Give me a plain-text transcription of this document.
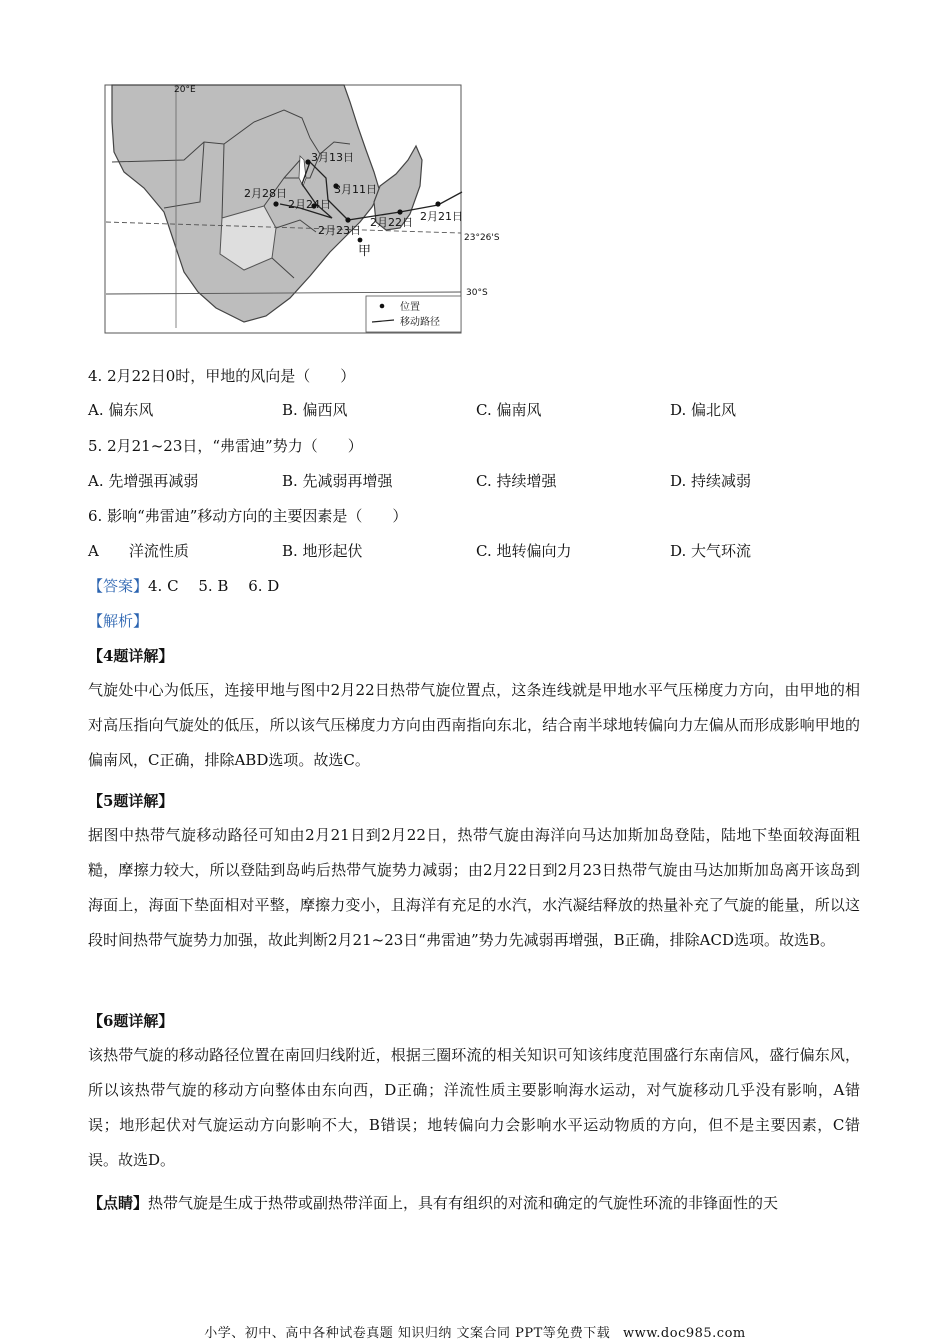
20°E
3月13日
3月11日
2月28日
2月24日
2月23日
2月22日 2月21日
甲
23°26'S
30°S
位置
移动路径
4. 2月22日0时，甲地的风向是（　　）
A. 偏东风	B. 偏西风	C. 偏南风	D. 偏北风
5. 2月21~23日，“弗雷迪”势力（　　）
A. 先增强再减弱	B. 先减弱再增强	C. 持续增强	D. 持续减弱
6. 影响“弗雷迪”移动方向的主要因素是（　　）
A　　洋流性质	B. 地形起伏	C. 地转偏向力	D. 大气环流
【答案】4. C　 5. B　 6. D
【解析】
【4题详解】
气旋处中心为低压，连接甲地与图中2月22日热带气旋位置点，这条连线就是甲地水平气压梯度力方向，由甲地的相对高压指向气旋处的低压，所以该气压梯度力方向由西南指向东北，结合南半球地转偏向力左偏从而形成影响甲地的偏南风，C正确，排除ABD选项。故选C。
【5题详解】
据图中热带气旋移动路径可知由2月21日到2月22日，热带气旋由海洋向马达加斯加岛登陆，陆地下垫面较海面粗糙，摩擦力较大，所以登陆到岛屿后热带气旋势力减弱；由2月22日到2月23日热带气旋由马达加斯加岛离开该岛到海面上，海面下垫面相对平整，摩擦力变小，且海洋有充足的水汽，水汽凝结释放的热量补充了气旋的能量，所以这段时间热带气旋势力加强，故此判断2月21~23日“弗雷迪”势力先减弱再增强，B正确，排除ACD选项。故选B。
【6题详解】
该热带气旋的移动路径位置在南回归线附近，根据三圈环流的相关知识可知该纬度范围盛行东南信风，盛行偏东风，所以该热带气旋的移动方向整体由东向西，D正确；洋流性质主要影响海水运动，对气旋移动几乎没有影响，A错误；地形起伏对气旋运动方向影响不大，B错误；地转偏向力会影响水平运动物质的方向，但不是主要因素，C错误。故选D。
【点睛】热带气旋是生成于热带或副热带洋面上，具有有组织的对流和确定的气旋性环流的非锋面性的天
小学、初中、高中各种试卷真题 知识归纳 文案合同 PPT等免费下载 www.doc985.com
